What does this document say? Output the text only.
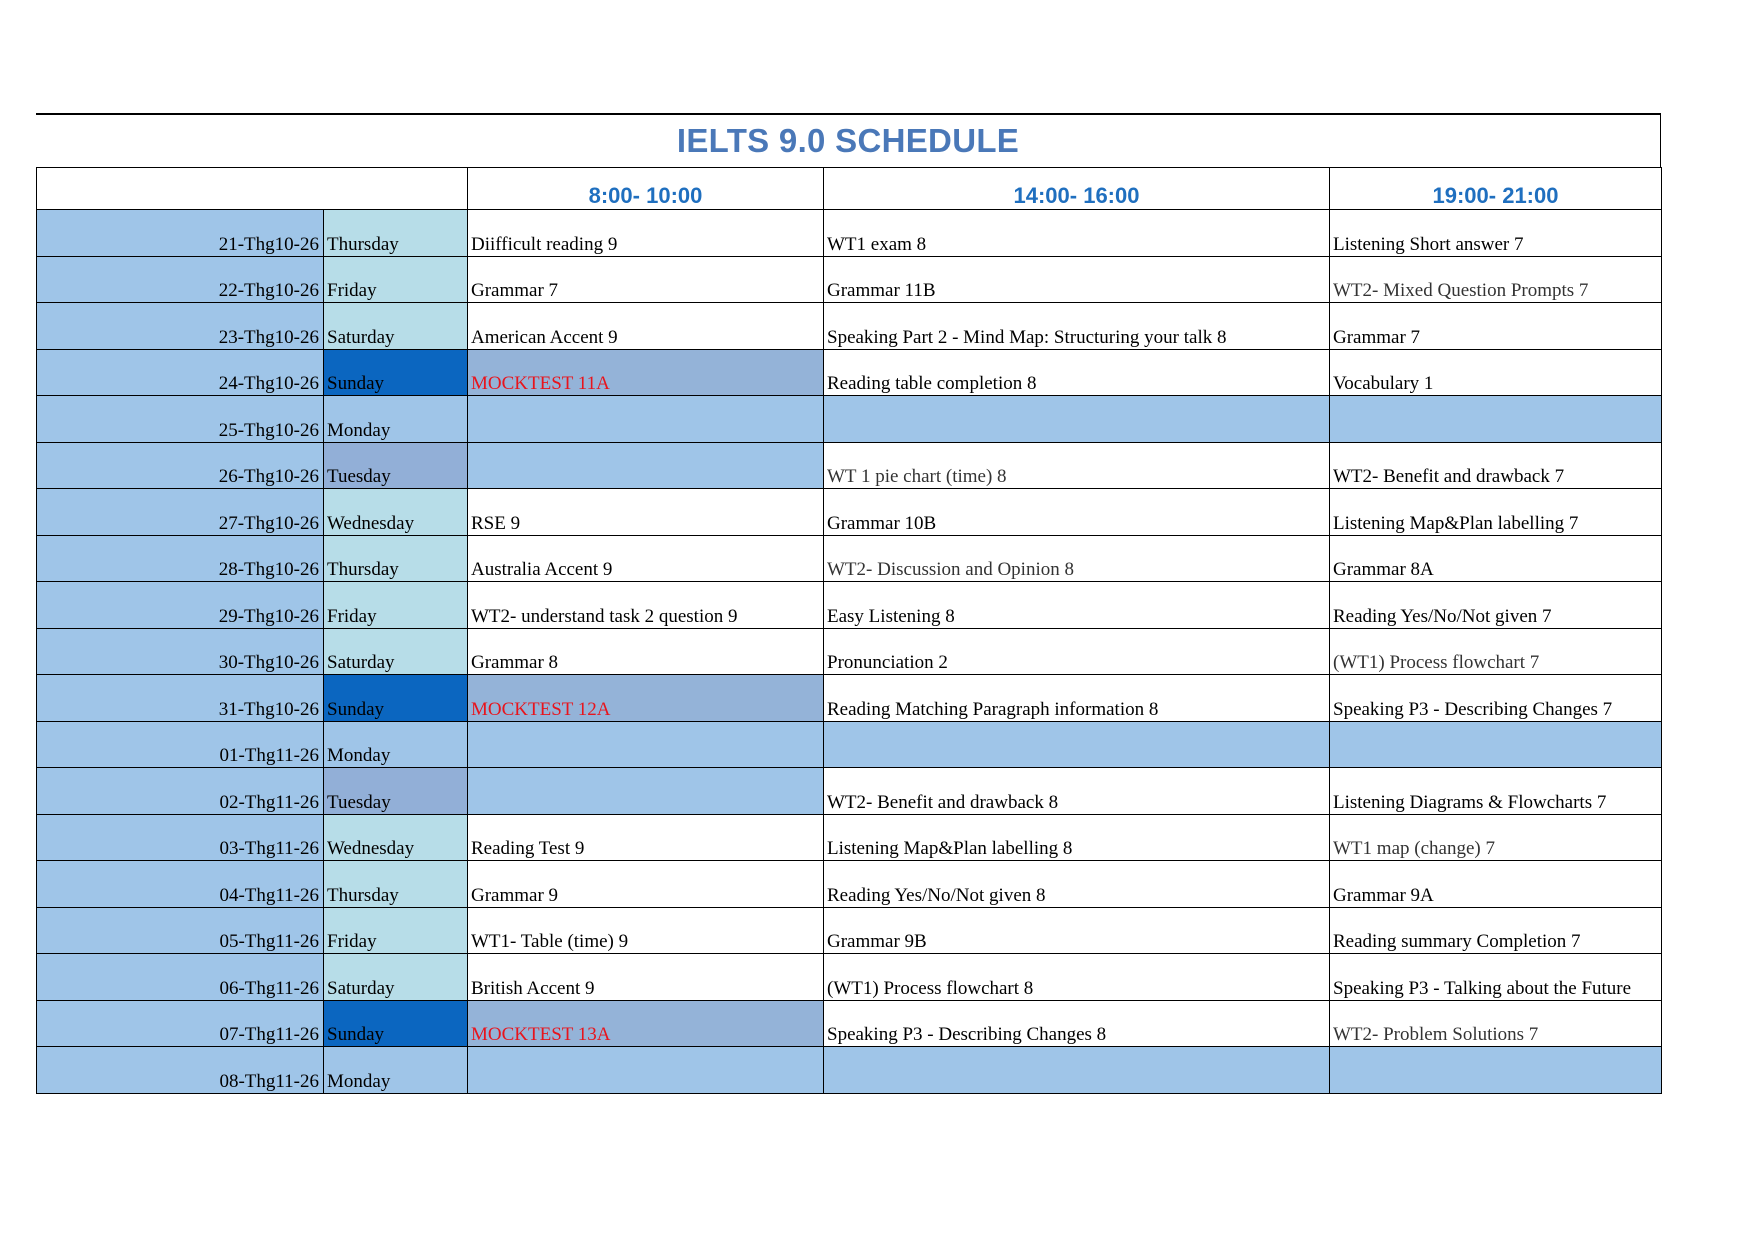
IELTS 9.0 SCHEDULE
		8:00- 10:00	14:00- 16:00	19:00- 21:00
21-Thg10-26	Thursday	Diifficult reading 9	WT1 exam 8	Listening Short answer 7
22-Thg10-26	Friday	Grammar 7	Grammar 11B	WT2- Mixed Question Prompts 7
23-Thg10-26	Saturday	American Accent 9	Speaking Part 2 - Mind Map: Structuring your talk 8	Grammar 7
24-Thg10-26	Sunday	MOCKTEST 11A	Reading table completion 8	Vocabulary 1
25-Thg10-26	Monday			
26-Thg10-26	Tuesday		WT 1 pie chart (time) 8	WT2- Benefit and drawback 7
27-Thg10-26	Wednesday	RSE 9	Grammar 10B	Listening Map&Plan labelling 7
28-Thg10-26	Thursday	Australia Accent 9	WT2- Discussion and Opinion 8	Grammar 8A
29-Thg10-26	Friday	WT2- understand task 2 question 9	Easy Listening 8	Reading Yes/No/Not given 7
30-Thg10-26	Saturday	Grammar 8	Pronunciation 2	(WT1) Process flowchart 7
31-Thg10-26	Sunday	MOCKTEST 12A	Reading Matching Paragraph information 8	Speaking P3 - Describing Changes 7
01-Thg11-26	Monday			
02-Thg11-26	Tuesday		WT2- Benefit and drawback 8	Listening Diagrams & Flowcharts 7
03-Thg11-26	Wednesday	Reading Test 9	Listening Map&Plan labelling 8	WT1 map (change) 7
04-Thg11-26	Thursday	Grammar 9	Reading Yes/No/Not given 8	Grammar 9A
05-Thg11-26	Friday	WT1- Table (time) 9	Grammar 9B	Reading summary Completion 7
06-Thg11-26	Saturday	British Accent 9	(WT1) Process flowchart 8	Speaking P3 - Talking about the Future
07-Thg11-26	Sunday	MOCKTEST 13A	Speaking P3 - Describing Changes 8	WT2- Problem Solutions 7
08-Thg11-26	Monday			
